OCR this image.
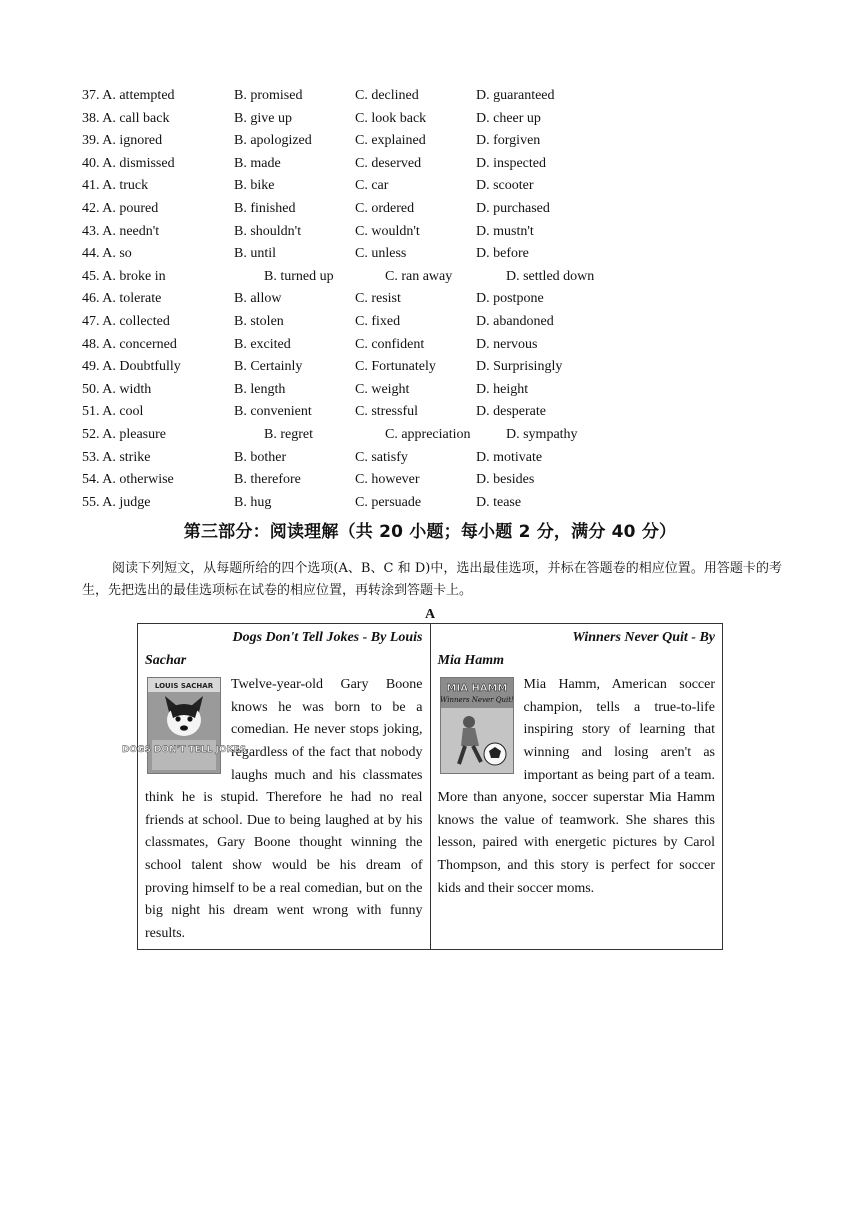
37. A. attempted	B. promised	C. declined	D. guaranteed
38. A. call back	B. give up	C. look back	D. cheer up
39. A. ignored	B. apologized	C. explained	D. forgiven
40. A. dismissed	B. made	C. deserved	D. inspected
41. A. truck	B. bike	C. car	D. scooter
42. A. poured	B. finished	C. ordered	D. purchased
43. A. needn't	B. shouldn't	C. wouldn't	D. mustn't
44. A. so	B. until	C. unless	D. before
45. A. broke in	B. turned up	C. ran away	D. settled down
46. A. tolerate	B. allow	C. resist	D. postpone
47. A. collected	B. stolen	C. fixed	D. abandoned
48. A. concerned	B. excited	C. confident	D. nervous
49. A. Doubtfully	B. Certainly	C. Fortunately	D. Surprisingly
50. A. width	B. length	C. weight	D. height
51. A. cool	B. convenient	C. stressful	D. desperate
52. A. pleasure	B. regret	C. appreciation	D. sympathy
53. A. strike	B. bother	C. satisfy	D. motivate
54. A. otherwise	B. therefore	C. however	D. besides
55. A. judge	B. hug	C. persuade	D. tease
第三部分：阅读理解（共 20 小题；每小题 2 分，满分 40 分）
阅读下列短文，从每题所给的四个选项(A、B、C 和 D)中，选出最佳选项，并标在答题卷的相应位置。用答题卡的考生，先把选出的最佳选项标在试卷的相应位置，再转涂到答题卡上。
A
Dogs Don't Tell Jokes - By Louis
Sachar
LOUIS SACHAR
DOGS DON'T TELL JOKES
Twelve-year-old Gary Boone knows he was born to be a comedian. He never stops joking, regardless of the fact that nobody laughs much and his classmates think he is stupid. Therefore he had no real friends at school. Due to being laughed at by his classmates, Gary Boone thought winning the school talent show would be his dream of proving himself to be a real comedian, but on the big night his dream went wrong with funny results.

Winners Never Quit - By
Mia Hamm
MIA HAMM
Winners Never Quit!
Mia Hamm, American soccer champion, tells a true-to-life inspiring story of learning that winning and losing aren't as important as being part of a team. More than anyone, soccer superstar Mia Hamm knows the value of teamwork. She shares this lesson, paired with energetic pictures by Carol Thompson, and this story is perfect for soccer kids and their soccer moms.
